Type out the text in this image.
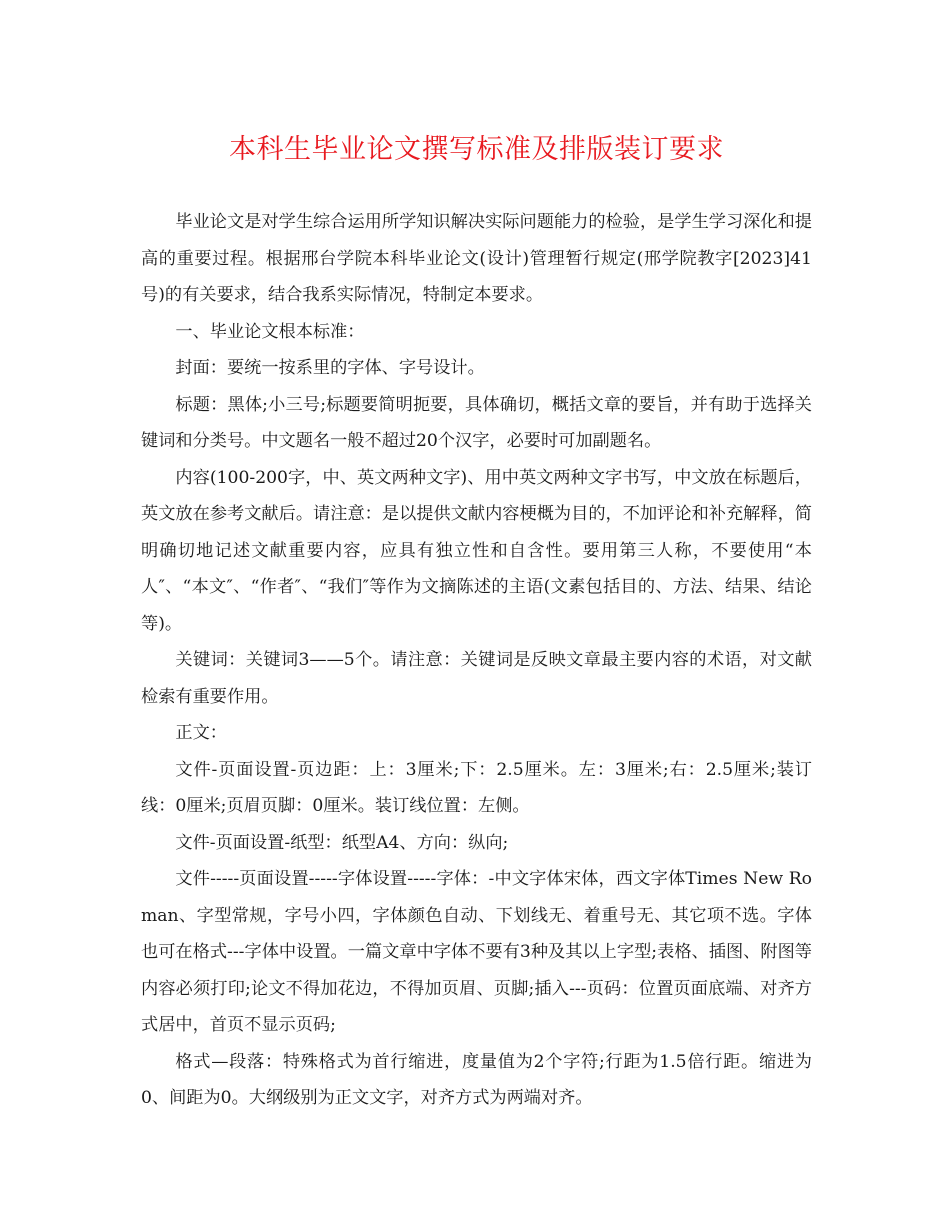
本科生毕业论文撰写标准及排版装订要求

毕业论文是对学生综合运用所学知识解决实际问题能力的检验，是学生学习深化和提高的重要过程。根据邢台学院本科毕业论文(设计)管理暂行规定(邢学院教字[2023]41号)的有关要求，结合我系实际情况，特制定本要求。

一、毕业论文根本标准：

封面：要统一按系里的字体、字号设计。

标题：黑体;小三号;标题要简明扼要，具体确切，概括文章的要旨，并有助于选择关键词和分类号。中文题名一般不超过20个汉字，必要时可加副题名。

内容(100-200字，中、英文两种文字)、用中英文两种文字书写，中文放在标题后，英文放在参考文献后。请注意：是以提供文献内容梗概为目的，不加评论和补充解释，简明确切地记述文献重要内容，应具有独立性和自含性。要用第三人称，不要使用“本人″、“本文″、“作者″、“我们″等作为文摘陈述的主语(文素包括目的、方法、结果、结论等)。

关键词：关键词3——5个。请注意：关键词是反映文章最主要内容的术语，对文献检索有重要作用。

正文：

文件-页面设置-页边距：上：3厘米;下：2.5厘米。左：3厘米;右：2.5厘米;装订线：0厘米;页眉页脚：0厘米。装订线位置：左侧。

文件-页面设置-纸型：纸型A4、方向：纵向;

文件-----页面设置-----字体设置-----字体：-中文字体宋体，西文字体Times New Roman、字型常规，字号小四，字体颜色自动、下划线无、着重号无、其它项不选。字体也可在格式---字体中设置。一篇文章中字体不要有3种及其以上字型;表格、插图、附图等内容必须打印;论文不得加花边，不得加页眉、页脚;插入---页码：位置页面底端、对齐方式居中，首页不显示页码;

格式—段落：特殊格式为首行缩进，度量值为2个字符;行距为1.5倍行距。缩进为0、间距为0。大纲级别为正文文字，对齐方式为两端对齐。
